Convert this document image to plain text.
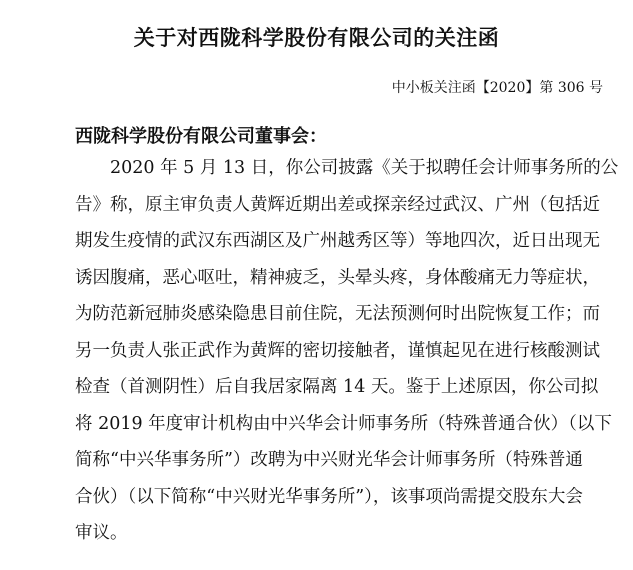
关于对西陇科学股份有限公司的关注函
中小板关注函【2020】第 306 号
西陇科学股份有限公司董事会：
　　2020 年 5 月 13 日，你公司披露《关于拟聘任会计师事务所的公
告》称，原主审负责人黄辉近期出差或探亲经过武汉、广州（包括近
期发生疫情的武汉东西湖区及广州越秀区等）等地四次，近日出现无
诱因腹痛，恶心呕吐，精神疲乏，头晕头疼，身体酸痛无力等症状，
为防范新冠肺炎感染隐患目前住院，无法预测何时出院恢复工作；而
另一负责人张正武作为黄辉的密切接触者，谨慎起见在进行核酸测试
检查（首测阴性）后自我居家隔离 14 天。鉴于上述原因，你公司拟
将 2019 年度审计机构由中兴华会计师事务所（特殊普通合伙）（以下
简称“中兴华事务所”）改聘为中兴财光华会计师事务所（特殊普通
合伙）（以下简称“中兴财光华事务所”），该事项尚需提交股东大会
审议。
